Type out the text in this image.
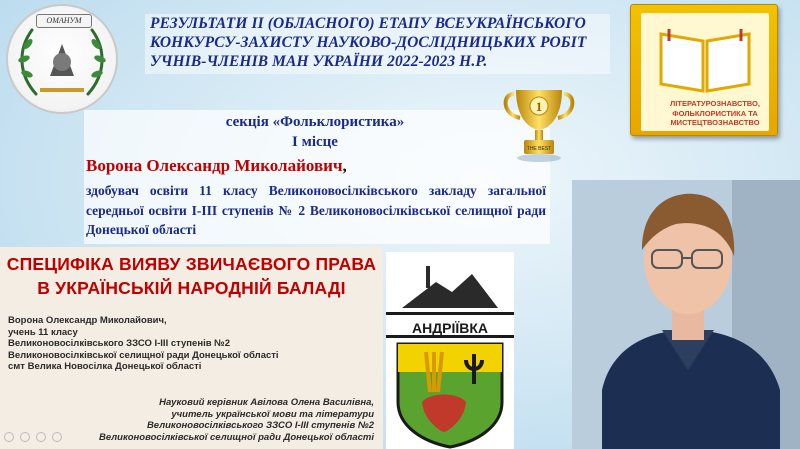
ОМАНУМ	РЕЗУЛЬТАТИ ІІ (ОБЛАСНОГО) ЕТАПУ ВСЕУКРАЇНСЬКОГО КОНКУРСУ-ЗАХИСТУ НАУКОВО-ДОСЛІДНИЦЬКИХ РОБІТ УЧНІВ-ЧЛЕНІВ МАН УКРАЇНИ 2022-2023 Н.Р.
ЛІТЕРАТУРОЗНАВСТВО, ФОЛЬКЛОРИСТИКА ТА МИСТЕЦТВОЗНАВСТВО
секція «Фольклористика»
І місце
1
THE BEST
Ворона Олександр Миколайович,
здобувач освіти 11 класу Великоновосілківського закладу загальної середньої освіти І-ІІІ ступенів № 2 Великоновосілківської селищної ради Донецької області
СПЕЦИФІКА ВИЯВУ ЗВИЧАЄВОГО ПРАВА
В УКРАЇНСЬКІЙ НАРОДНІЙ БАЛАДІ
Ворона Олександр Миколайович,
учень 11 класу
Великоновосілківського ЗЗСО І-ІІІ ступенів №2
Великоновосілківської селищної ради Донецької області
смт Велика Новосілка Донецької області
Науковий керівник Авілова Олена Василівна,
учитель української мови та літератури
Великоновосілківського ЗЗСО І-ІІІ ступенів №2
Великоновосілківської селищної ради Донецької області
АНДРІЇВКА
